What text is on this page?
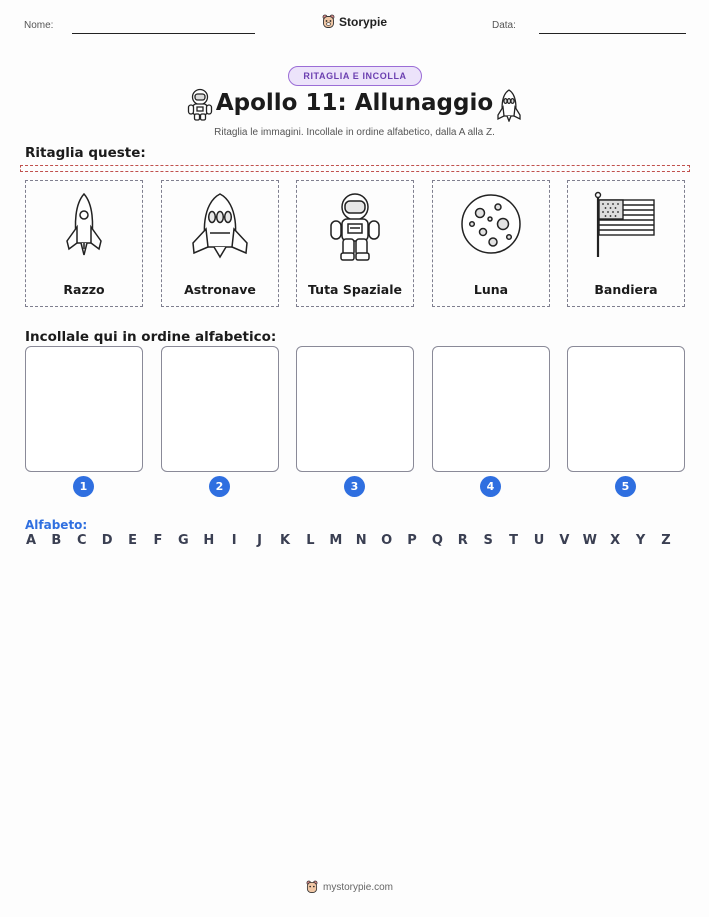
Nome:	Storypie	Data:
RITAGLIA E INCOLLA
Apollo 11: Allunaggio
Ritaglia le immagini. Incollale in ordine alfabetico, dalla A alla Z.
Ritaglia queste:
Razzo	Astronave	Tuta Spaziale	Luna	Bandiera
Incollale qui in ordine alfabetico:
1	2	3	4	5
Alfabeto:
A B C D E F G H I J K L M N O P Q R S T U V W X Y Z
mystorypie.com
